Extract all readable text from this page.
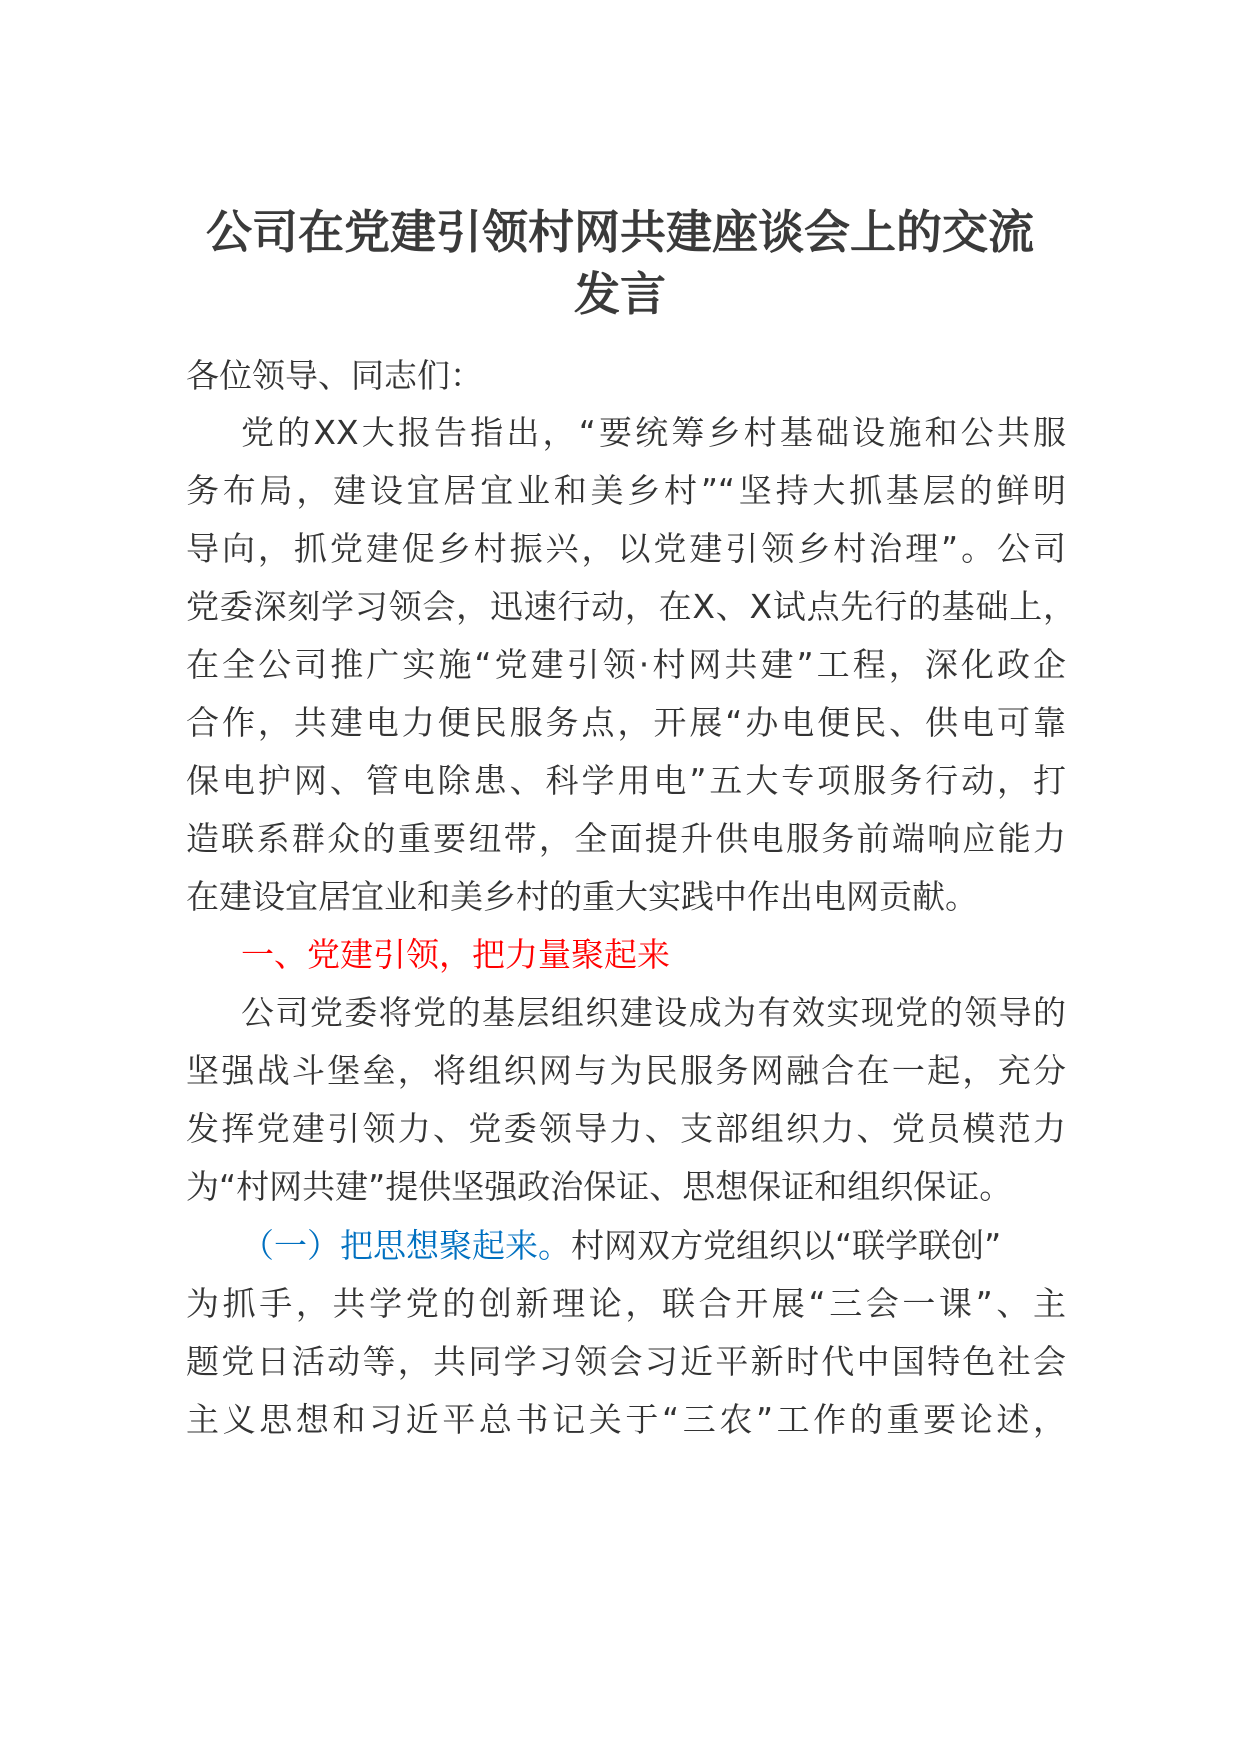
公司在党建引领村网共建座谈会上的交流
发言
各位领导、同志们：
党的XX大报告指出，“要统筹乡村基础设施和公共服
务布局，建设宜居宜业和美乡村”“坚持大抓基层的鲜明
导向，抓党建促乡村振兴，以党建引领乡村治理”。公司
党委深刻学习领会，迅速行动，在X、X试点先行的基础上，
在全公司推广实施“党建引领·村网共建”工程，深化政企
合作，共建电力便民服务点，开展“办电便民、供电可靠
保电护网、管电除患、科学用电”五大专项服务行动，打
造联系群众的重要纽带，全面提升供电服务前端响应能力
在建设宜居宜业和美乡村的重大实践中作出电网贡献。
一、党建引领，把力量聚起来
公司党委将党的基层组织建设成为有效实现党的领导的
坚强战斗堡垒，将组织网与为民服务网融合在一起，充分
发挥党建引领力、党委领导力、支部组织力、党员模范力
为“村网共建”提供坚强政治保证、思想保证和组织保证。
（一）把思想聚起来。村网双方党组织以“联学联创”
为抓手，共学党的创新理论，联合开展“三会一课”、主
题党日活动等，共同学习领会习近平新时代中国特色社会
主义思想和习近平总书记关于“三农”工作的重要论述，
